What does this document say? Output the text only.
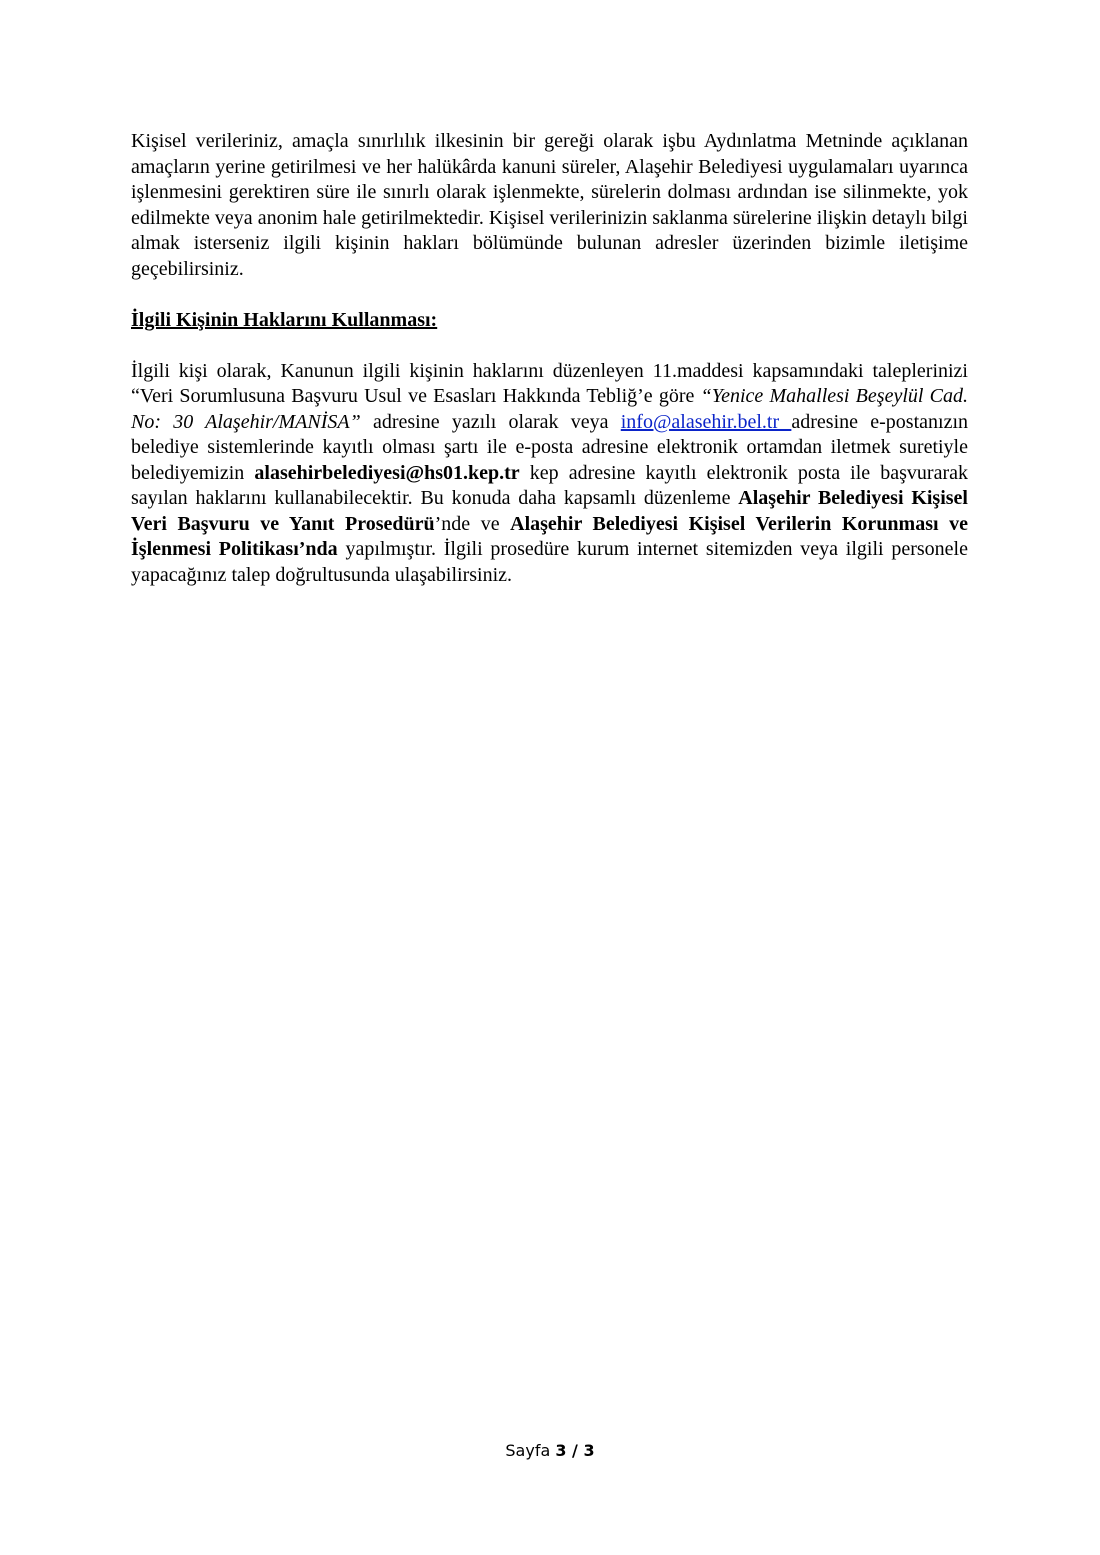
Kişisel verileriniz, amaçla sınırlılık ilkesinin bir gereği olarak işbu Aydınlatma Metninde açıklanan amaçların yerine getirilmesi ve her halükârda kanuni süreler, Alaşehir Belediyesi uygulamaları uyarınca işlenmesini gerektiren süre ile sınırlı olarak işlenmekte, sürelerin dolması ardından ise silinmekte, yok edilmekte veya anonim hale getirilmektedir. Kişisel verilerinizin saklanma sürelerine ilişkin detaylı bilgi almak isterseniz ilgili kişinin hakları bölümünde bulunan adresler üzerinden bizimle iletişime geçebilirsiniz.

İlgili Kişinin Haklarını Kullanması:

İlgili kişi olarak, Kanunun ilgili kişinin haklarını düzenleyen 11.maddesi kapsamındaki taleplerinizi “Veri Sorumlusuna Başvuru Usul ve Esasları Hakkında Tebliğ’e göre “Yenice Mahallesi Beşeylül Cad. No: 30 Alaşehir/MANİSA” adresine yazılı olarak veya info@alasehir.bel.tr adresine e-postanızın belediye sistemlerinde kayıtlı olması şartı ile e-posta adresine elektronik ortamdan iletmek suretiyle belediyemizin alasehirbelediyesi@hs01.kep.tr kep adresine kayıtlı elektronik posta ile başvurarak sayılan haklarını kullanabilecektir. Bu konuda daha kapsamlı düzenleme Alaşehir Belediyesi Kişisel Veri Başvuru ve Yanıt Prosedürü’nde ve Alaşehir Belediyesi Kişisel Verilerin Korunması ve İşlenmesi Politikası’nda yapılmıştır. İlgili prosedüre kurum internet sitemizden veya ilgili personele yapacağınız talep doğrultusunda ulaşabilirsiniz.

Sayfa 3 / 3
